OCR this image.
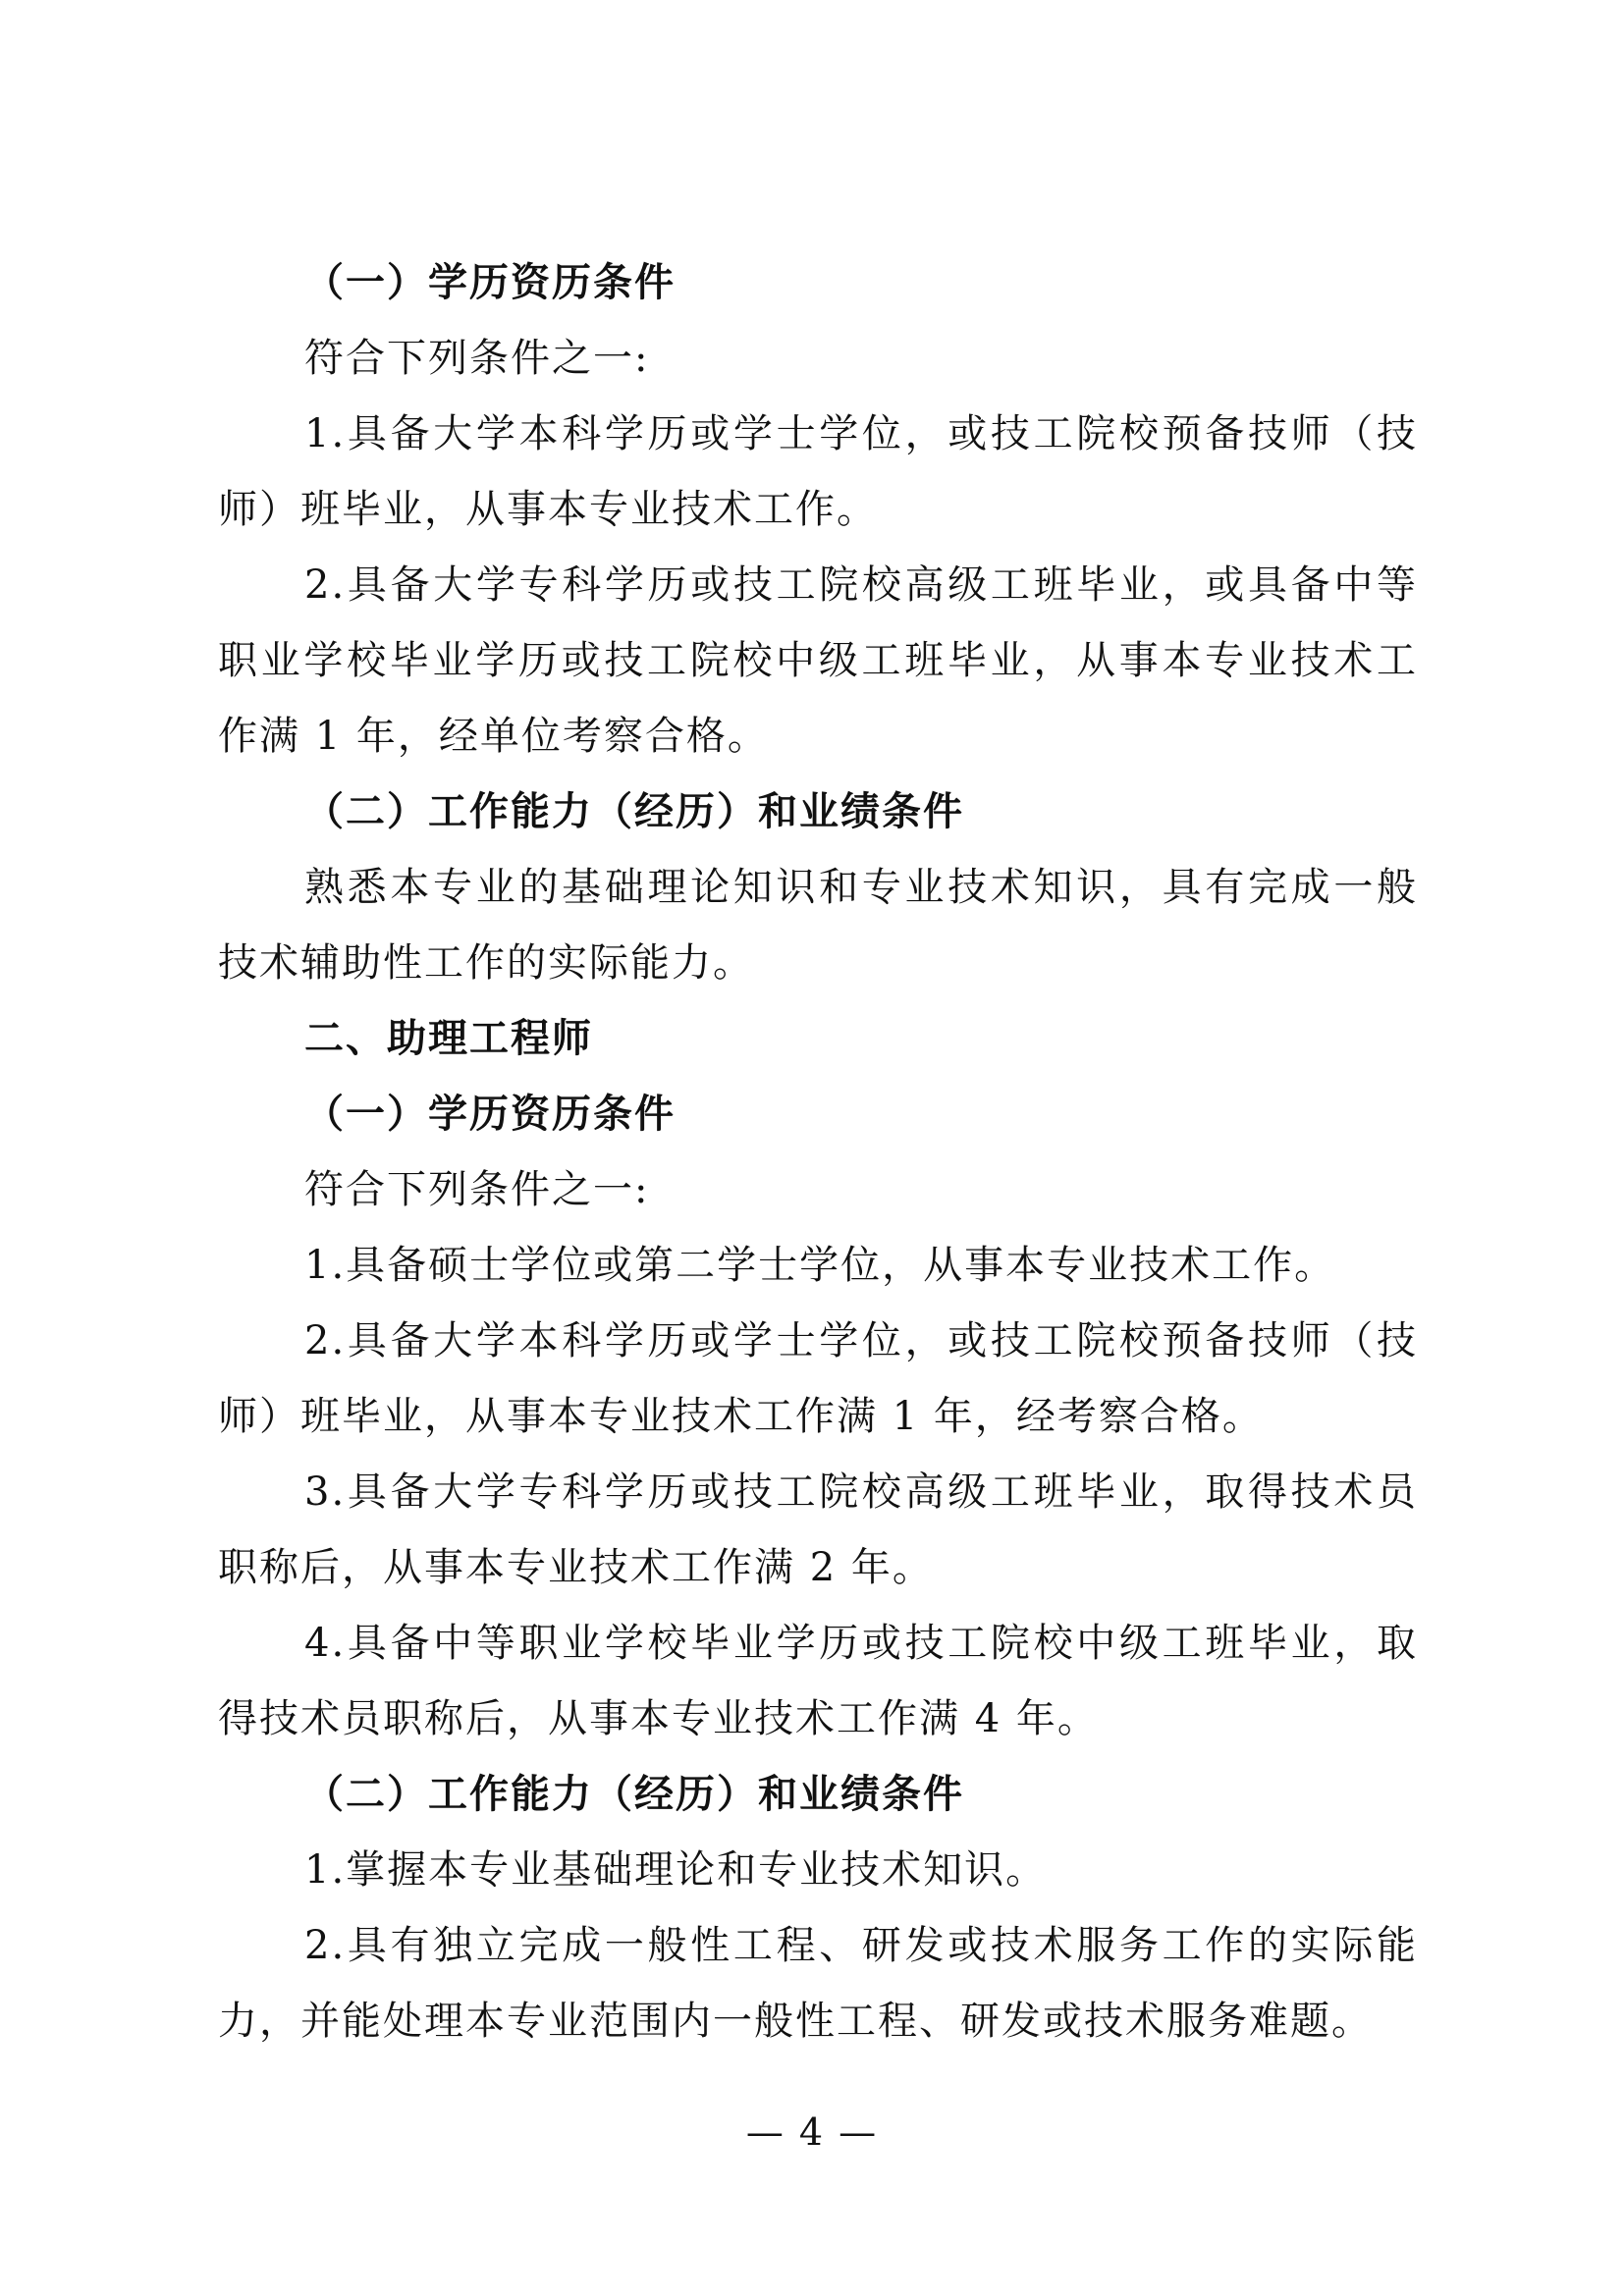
（一）学历资历条件
符合下列条件之一:
1.具备大学本科学历或学士学位，或技工院校预备技师（技
师）班毕业，从事本专业技术工作。
2.具备大学专科学历或技工院校高级工班毕业，或具备中等
职业学校毕业学历或技工院校中级工班毕业，从事本专业技术工
作满 1 年，经单位考察合格。
（二）工作能力（经历）和业绩条件
熟悉本专业的基础理论知识和专业技术知识，具有完成一般
技术辅助性工作的实际能力。
二、助理工程师
（一）学历资历条件
符合下列条件之一:
1.具备硕士学位或第二学士学位，从事本专业技术工作。
2.具备大学本科学历或学士学位，或技工院校预备技师（技
师）班毕业，从事本专业技术工作满 1 年，经考察合格。
3.具备大学专科学历或技工院校高级工班毕业，取得技术员
职称后，从事本专业技术工作满 2 年。
4.具备中等职业学校毕业学历或技工院校中级工班毕业，取
得技术员职称后，从事本专业技术工作满 4 年。
（二）工作能力（经历）和业绩条件
1.掌握本专业基础理论和专业技术知识。
2.具有独立完成一般性工程、研发或技术服务工作的实际能
力，并能处理本专业范围内一般性工程、研发或技术服务难题。
— 4 —
